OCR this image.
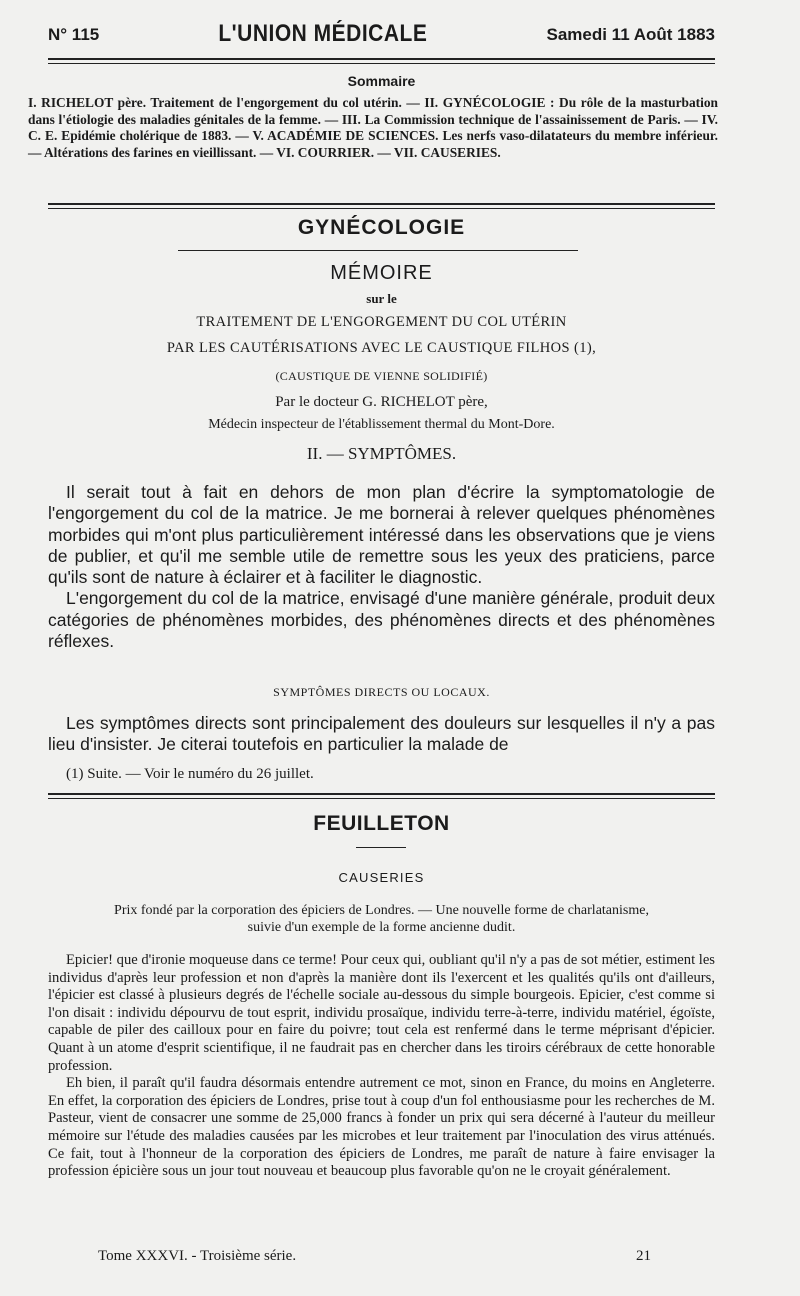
N° 115	L'UNION MÉDICALE	Samedi 11 Août 1883
Sommaire
I. RICHELOT père. Traitement de l'engorgement du col utérin. — II. GYNÉCOLOGIE : Du rôle de la masturbation dans l'étiologie des maladies génitales de la femme. — III. La Commission technique de l'assainissement de Paris. — IV. C. E. Epidémie cholérique de 1883. — V. ACADÉMIE DE SCIENCES. Les nerfs vaso-dilatateurs du membre inférieur. — Altérations des farines en vieillissant. — VI. COURRIER. — VII. CAUSERIES.
GYNÉCOLOGIE
MÉMOIRE
sur le
TRAITEMENT DE L'ENGORGEMENT DU COL UTÉRIN
PAR LES CAUTÉRISATIONS AVEC LE CAUSTIQUE FILHOS (1),
(CAUSTIQUE DE VIENNE SOLIDIFIÉ)
Par le docteur G. RICHELOT père,
Médecin inspecteur de l'établissement thermal du Mont-Dore.
II. — SYMPTÔMES.

Il serait tout à fait en dehors de mon plan d'écrire la symptomatologie de l'engorgement du col de la matrice. Je me bornerai à relever quelques phénomènes morbides qui m'ont plus particulièrement intéressé dans les observations que je viens de publier, et qu'il me semble utile de remettre sous les yeux des praticiens, parce qu'ils sont de nature à éclairer et à faciliter le diagnostic.

L'engorgement du col de la matrice, envisagé d'une manière générale, produit deux catégories de phénomènes morbides, des phénomènes directs et des phénomènes réflexes.

SYMPTÔMES DIRECTS OU LOCAUX.

Les symptômes directs sont principalement des douleurs sur lesquelles il n'y a pas lieu d'insister. Je citerai toutefois en particulier la malade de

(1) Suite. — Voir le numéro du 26 juillet.
FEUILLETON
CAUSERIES
Prix fondé par la corporation des épiciers de Londres. — Une nouvelle forme de charlatanisme,
suivie d'un exemple de la forme ancienne dudit.

Epicier! que d'ironie moqueuse dans ce terme! Pour ceux qui, oubliant qu'il n'y a pas de sot métier, estiment les individus d'après leur profession et non d'après la manière dont ils l'exercent et les qualités qu'ils ont d'ailleurs, l'épicier est classé à plusieurs degrés de l'échelle sociale au-dessous du simple bourgeois. Epicier, c'est comme si l'on disait : individu dépourvu de tout esprit, individu prosaïque, individu terre-à-terre, individu matériel, égoïste, capable de piler des cailloux pour en faire du poivre; tout cela est renfermé dans le terme méprisant d'épicier. Quant à un atome d'esprit scientifique, il ne faudrait pas en chercher dans les tiroirs cérébraux de cette honorable profession.

Eh bien, il paraît qu'il faudra désormais entendre autrement ce mot, sinon en France, du moins en Angleterre. En effet, la corporation des épiciers de Londres, prise tout à coup d'un fol enthousiasme pour les recherches de M. Pasteur, vient de consacrer une somme de 25,000 francs à fonder un prix qui sera décerné à l'auteur du meilleur mémoire sur l'étude des maladies causées par les microbes et leur traitement par l'inoculation des virus atténués. Ce fait, tout à l'honneur de la corporation des épiciers de Londres, me paraît de nature à faire envisager la profession épicière sous un jour tout nouveau et beaucoup plus favorable qu'on ne le croyait généralement.

Tome XXXVI. - Troisième série.	21
